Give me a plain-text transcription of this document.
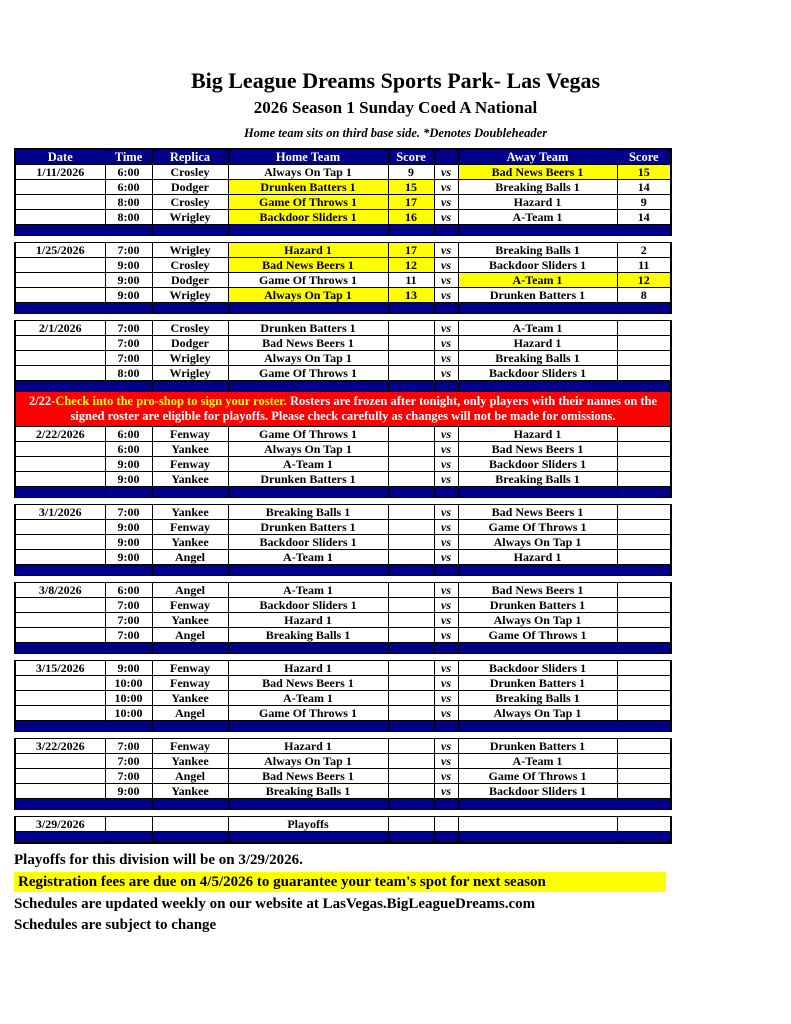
Big League Dreams Sports Park- Las Vegas
2026 Season 1 Sunday Coed A National
Home team sits on third base side. *Denotes Doubleheader
Date	Time	Replica	Home Team	Score		Away Team	Score
1/11/2026	6:00	Crosley	Always On Tap 1	9	vs	Bad News Beers 1	15
	6:00	Dodger	Drunken Batters 1	15	vs	Breaking Balls 1	14
	8:00	Crosley	Game Of Throws 1	17	vs	Hazard 1	9
	8:00	Wrigley	Backdoor Sliders 1	16	vs	A-Team 1	14

1/25/2026	7:00	Wrigley	Hazard 1	17	vs	Breaking Balls 1	2
	9:00	Crosley	Bad News Beers 1	12	vs	Backdoor Sliders 1	11
	9:00	Dodger	Game Of Throws 1	11	vs	A-Team 1	12
	9:00	Wrigley	Always On Tap 1	13	vs	Drunken Batters 1	8

2/1/2026	7:00	Crosley	Drunken Batters 1		vs	A-Team 1	
	7:00	Dodger	Bad News Beers 1		vs	Hazard 1	
	7:00	Wrigley	Always On Tap 1		vs	Breaking Balls 1	
	8:00	Wrigley	Game Of Throws 1		vs	Backdoor Sliders 1	

2/22-Check into the pro-shop to sign your roster. Rosters are frozen after tonight, only players with their names on the signed roster are eligible for playoffs. Please check carefully as changes will not be made for omissions.							
2/22/2026	6:00	Fenway	Game Of Throws 1		vs	Hazard 1	
	6:00	Yankee	Always On Tap 1		vs	Bad News Beers 1	
	9:00	Fenway	A-Team 1		vs	Backdoor Sliders 1	
	9:00	Yankee	Drunken Batters 1		vs	Breaking Balls 1	

3/1/2026	7:00	Yankee	Breaking Balls 1		vs	Bad News Beers 1	
	9:00	Fenway	Drunken Batters 1		vs	Game Of Throws 1	
	9:00	Yankee	Backdoor Sliders 1		vs	Always On Tap 1	
	9:00	Angel	A-Team 1		vs	Hazard 1	

3/8/2026	6:00	Angel	A-Team 1		vs	Bad News Beers 1	
	7:00	Fenway	Backdoor Sliders 1		vs	Drunken Batters 1	
	7:00	Yankee	Hazard 1		vs	Always On Tap 1	
	7:00	Angel	Breaking Balls 1		vs	Game Of Throws 1	

3/15/2026	9:00	Fenway	Hazard 1		vs	Backdoor Sliders 1	
	10:00	Fenway	Bad News Beers 1		vs	Drunken Batters 1	
	10:00	Yankee	A-Team 1		vs	Breaking Balls 1	
	10:00	Angel	Game Of Throws 1		vs	Always On Tap 1	

3/22/2026	7:00	Fenway	Hazard 1		vs	Drunken Batters 1	
	7:00	Yankee	Always On Tap 1		vs	A-Team 1	
	7:00	Angel	Bad News Beers 1		vs	Game Of Throws 1	
	9:00	Yankee	Breaking Balls 1		vs	Backdoor Sliders 1	

3/29/2026			Playoffs				

Playoffs for this division will be on 3/29/2026.
Registration fees are due on 4/5/2026 to guarantee your team's spot for next season
Schedules are updated weekly on our website at LasVegas.BigLeagueDreams.com
Schedules are subject to change
